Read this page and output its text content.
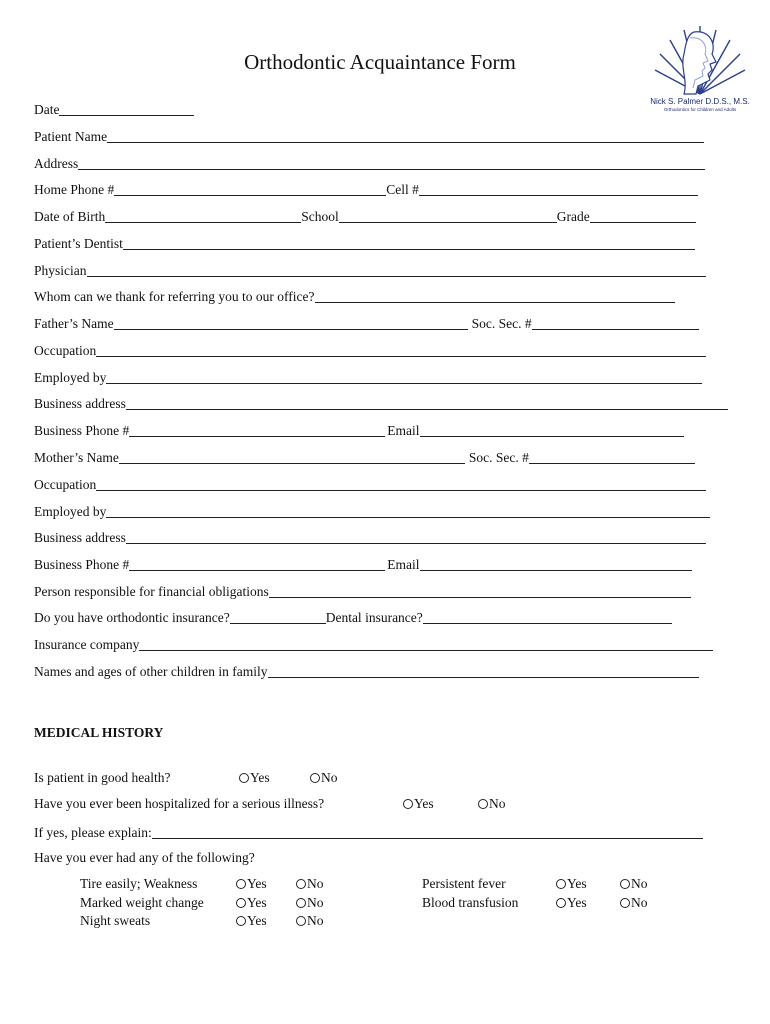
Orthodontic Acquaintance Form
Nick S. Palmer D.D.S., M.S.
Orthodontics for Children and Adults
Date
Patient Name
Address
Home Phone #	Cell #
Date of Birth	School	Grade
Patient’s Dentist
Physician
Whom can we thank for referring you to our office?
Father’s Name	Soc. Sec. #
Occupation
Employed by
Business address
Business Phone #	Email
Mother’s Name	Soc. Sec. #
Occupation
Employed by
Business address
Business Phone #	Email
Person responsible for financial obligations
Do you have orthodontic insurance?	Dental insurance?
Insurance company
Names and ages of other children in family
MEDICAL HISTORY
Is patient in good health?	Yes	No
Have you ever been hospitalized for a serious illness?	Yes	No
If yes, please explain:
Have you ever had any of the following?
Tire easily; Weakness	Yes	No
Marked weight change	Yes	No
Night sweats	Yes	No
Persistent fever	Yes	No
Blood transfusion	Yes	No
